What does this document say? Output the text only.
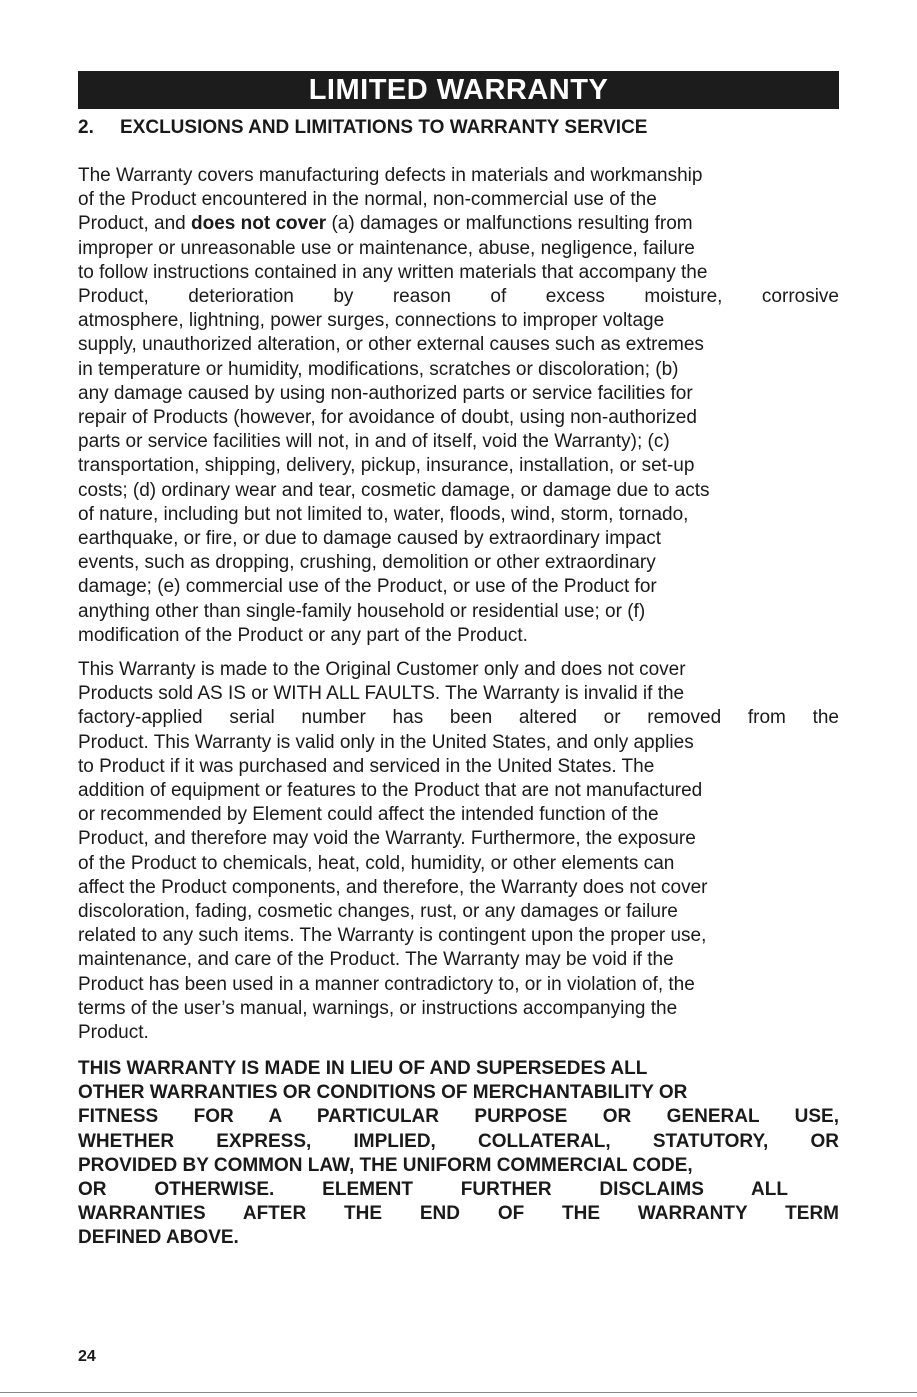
LIMITED WARRANTY
2. EXCLUSIONS AND LIMITATIONS TO WARRANTY SERVICE

The Warranty covers manufacturing defects in materials and workmanship
of the Product encountered in the normal, non-commercial use of the
Product, and does not cover (a) damages or malfunctions resulting from
improper or unreasonable use or maintenance, abuse, negligence, failure
to follow instructions contained in any written materials that accompany the
Product, deterioration by reason of excess moisture, corrosive
atmosphere, lightning, power surges, connections to improper voltage
supply, unauthorized alteration, or other external causes such as extremes
in temperature or humidity, modifications, scratches or discoloration; (b)
any damage caused by using non-authorized parts or service facilities for
repair of Products (however, for avoidance of doubt, using non-authorized
parts or service facilities will not, in and of itself, void the Warranty); (c)
transportation, shipping, delivery, pickup, insurance, installation, or set-up
costs; (d) ordinary wear and tear, cosmetic damage, or damage due to acts
of nature, including but not limited to, water, floods, wind, storm, tornado,
earthquake, or fire, or due to damage caused by extraordinary impact
events, such as dropping, crushing, demolition or other extraordinary
damage; (e) commercial use of the Product, or use of the Product for
anything other than single-family household or residential use; or (f)
modification of the Product or any part of the Product.

This Warranty is made to the Original Customer only and does not cover
Products sold AS IS or WITH ALL FAULTS. The Warranty is invalid if the
factory-applied serial number has been altered or removed from the
Product. This Warranty is valid only in the United States, and only applies
to Product if it was purchased and serviced in the United States. The
addition of equipment or features to the Product that are not manufactured
or recommended by Element could affect the intended function of the
Product, and therefore may void the Warranty. Furthermore, the exposure
of the Product to chemicals, heat, cold, humidity, or other elements can
affect the Product components, and therefore, the Warranty does not cover
discoloration, fading, cosmetic changes, rust, or any damages or failure
related to any such items. The Warranty is contingent upon the proper use,
maintenance, and care of the Product. The Warranty may be void if the
Product has been used in a manner contradictory to, or in violation of, the
terms of the user’s manual, warnings, or instructions accompanying the
Product.

THIS WARRANTY IS MADE IN LIEU OF AND SUPERSEDES ALL
OTHER WARRANTIES OR CONDITIONS OF MERCHANTABILITY OR
FITNESS FOR A PARTICULAR PURPOSE OR GENERAL USE,
WHETHER EXPRESS, IMPLIED, COLLATERAL, STATUTORY, OR
PROVIDED BY COMMON LAW, THE UNIFORM COMMERCIAL CODE,
OR OTHERWISE. ELEMENT FURTHER DISCLAIMS ALL
WARRANTIES AFTER THE END OF THE WARRANTY TERM
DEFINED ABOVE.

24
